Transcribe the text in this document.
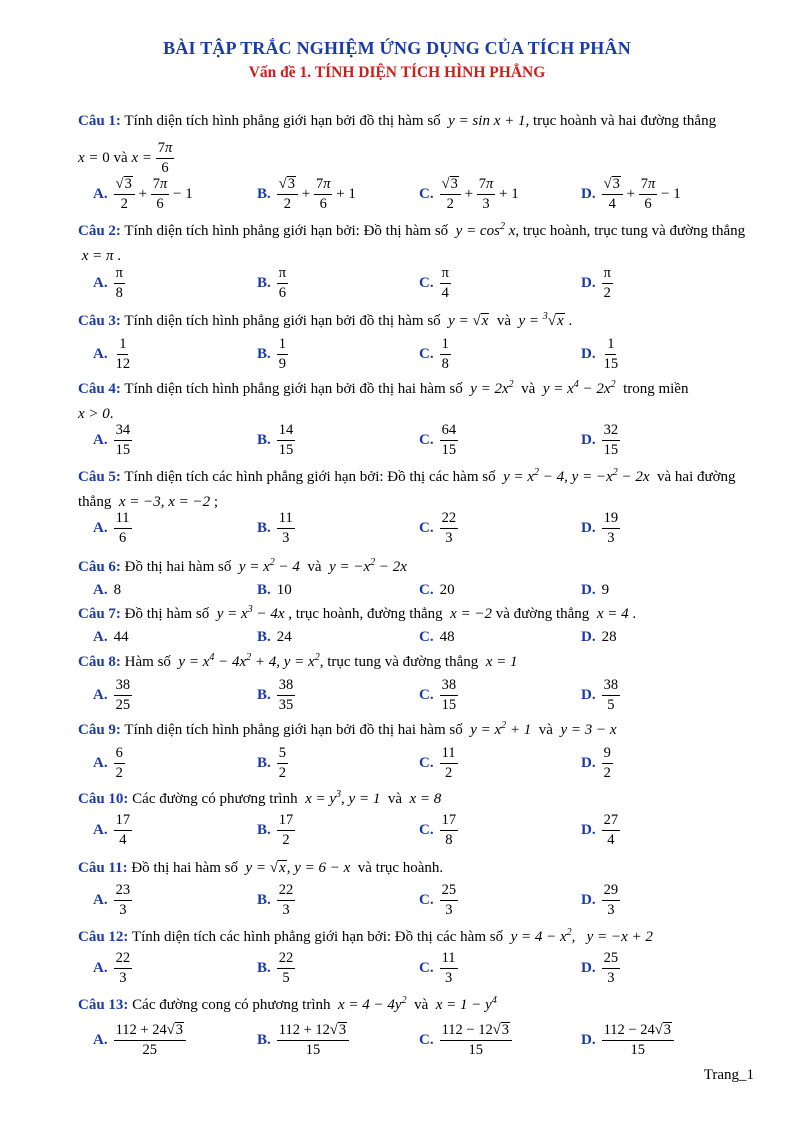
BÀI TẬP TRẮC NGHIỆM ỨNG DỤNG CỦA TÍCH PHÂN
Vấn đề 1. TÍNH DIỆN TÍCH HÌNH PHẲNG
Câu 1: Tính diện tích hình phẳng giới hạn bởi đồ thị hàm số  y = sin x + 1, trục hoành và hai đường thẳng
x = 0
và
x =
$\frac{7\pi}{6}$
A. $\frac{√3}{2} + \frac{7\pi}{6} - 1$	B. $\frac{√3}{2} + \frac{7\pi}{6} + 1$	C. $\frac{√3}{2} + \frac{7\pi}{3} + 1$	D. $\frac{√3}{4} + \frac{7\pi}{6} - 1$
Câu 2: Tính diện tích hình phẳng giới hạn bởi: Đồ thị hàm số  $y = \cos^2 x$, trục hoành, trục tung và đường thẳng  x = π .
A. $\frac{\pi}{8}$	B. $\frac{\pi}{6}$	C. $\frac{\pi}{4}$	D. $\frac{\pi}{2}$
Câu 3: Tính diện tích hình phẳng giới hạn bởi đồ thị hàm số  y = √x và  y = $^3$√x .
A. $\frac{1}{12}$	B. $\frac{1}{9}$	C. $\frac{1}{8}$	D. $\frac{1}{15}$
Câu 4: Tính diện tích hình phẳng giới hạn bởi đồ thị hai hàm số  $y = 2x^2$ và  $y = x^4 - 2x^2$ trong miền
x > 0.
A. $\frac{34}{15}$	B. $\frac{14}{15}$	C. $\frac{64}{15}$	D. $\frac{32}{15}$
Câu 5: Tính diện tích các hình phẳng giới hạn bởi: Đồ thị các hàm số  $y = x^2 - 4$, $y = -x^2 - 2x$ và hai đường thẳng  x = −3, x = −2 ;
A. $\frac{11}{6}$	B. $\frac{11}{3}$	C. $\frac{22}{3}$	D. $\frac{19}{3}$
Câu 6: Đồ thị hai hàm số  $y = x^2 - 4$ và  $y = -x^2 - 2x$
A. 8	B. 10	C. 20	D. 9
Câu 7: Đồ thị hàm số  $y = x^3 - 4x$ , trục hoành, đường thẳng  x = −2 và đường thẳng  x = 4 .
A. 44	B. 24	C. 48	D. 28
Câu 8: Hàm số  $y = x^4 - 4x^2 + 4$, $y = x^2$, trục tung và đường thẳng  x = 1
A. $\frac{38}{25}$	B. $\frac{38}{35}$	C. $\frac{38}{15}$	D. $\frac{38}{5}$
Câu 9: Tính diện tích hình phẳng giới hạn bởi đồ thị hai hàm số  $y = x^2 + 1$ và  y = 3 − x
A. $\frac{6}{2}$	B. $\frac{5}{2}$	C. $\frac{11}{2}$	D. $\frac{9}{2}$
Câu 10: Các đường có phương trình  $x = y^3$, y = 1 và  x = 8
A. $\frac{17}{4}$	B. $\frac{17}{2}$	C. $\frac{17}{8}$	D. $\frac{27}{4}$
Câu 11: Đồ thị hai hàm số  y = √x, y = 6 − x và trục hoành.
A. $\frac{23}{3}$	B. $\frac{22}{3}$	C. $\frac{25}{3}$	D. $\frac{29}{3}$
Câu 12: Tính diện tích các hình phẳng giới hạn bởi: Đồ thị các hàm số  $y = 4 - x^2$,   y = −x + 2
A. $\frac{22}{3}$	B. $\frac{22}{5}$	C. $\frac{11}{3}$	D. $\frac{25}{3}$
Câu 13: Các đường cong có phương trình  $x = 4 - 4y^2$ và  $x = 1 - y^4$
A. $\frac{112 + 24√3}{25}$	B. $\frac{112 + 12√3}{15}$	C. $\frac{112 - 12√3}{15}$	D. $\frac{112 - 24√3}{15}$
Trang_1
